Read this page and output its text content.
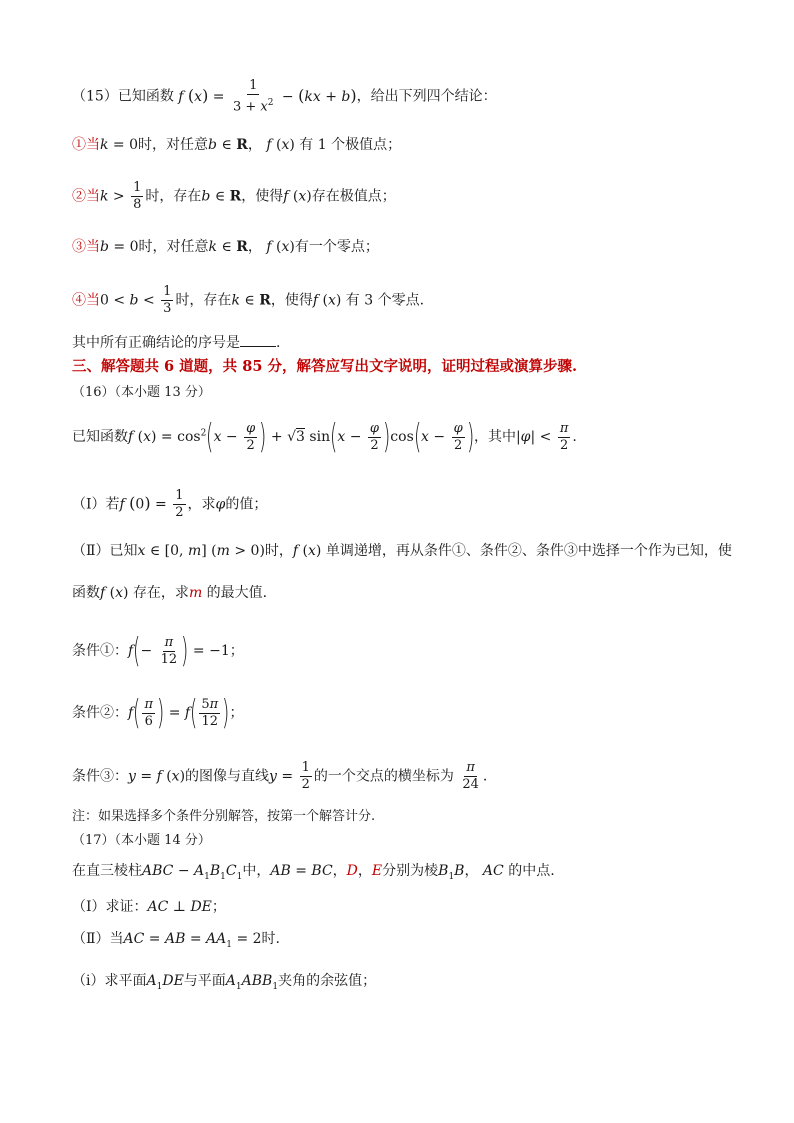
（15）已知函数 f $(x) = \frac{1}{3 + x^2} - (kx + b)$，给出下列四个结论：
①当k = 0时，对任意b ∈ R， f (x) 有 1 个极值点；
②当$k > \frac{1}{8}$ 时，存在b ∈ R，使得f (x)存在极值点；
③当b = 0时，对任意k ∈ R， f (x)有一个零点；
④当$0 < b < \frac{1}{3}$ 时，存在k ∈ R，使得f (x) 有 3 个零点.
其中所有正确结论的序号是	.
三、解答题共 6 道题，共 85 分，解答应写出文字说明，证明过程或演算步骤.
（16）（本小题 13 分）
已知函数f $(x) = \cos^2(x - \frac{\varphi}{2}$ ) + √3 $\sin(x - \frac{\varphi}{2} )\cos(x - \frac{\varphi}{2}$ )，其中$|\varphi| < \frac{\pi}{2}$ .
（Ⅰ）若f $(0) = \frac{1}{2}$ ，求φ的值；
（Ⅱ）已知x ∈ [0, m] (m > 0)时，f (x) 单调递增，再从条件①、条件②、条件③中选择一个作为已知，使
函数f (x) 存在，求m 的最大值.
条件①：$f(- \frac{\pi}{12}$ ) = −1；
条件②：$f( \frac{\pi}{6}$ ) = $f( \frac{5\pi}{12}$ )；
条件③：y = f (x)的图像与直线$y = \frac{1}{2}$ 的一个交点的横坐标为 $\frac{\pi}{24}$ .
注：如果选择多个条件分别解答，按第一个解答计分.
（17）（本小题 14 分）
在直三棱柱ABC − $A_1B_1C_1$中，AB = BC，D，E分别为棱$B_1B$， AC 的中点.
（Ⅰ）求证：AC ⊥ DE；
（Ⅱ）当AC = AB = $AA_1 = 2$时.
（ⅰ）求平面$A_1DE$与平面$A_1ABB_1$夹角的余弦值；
